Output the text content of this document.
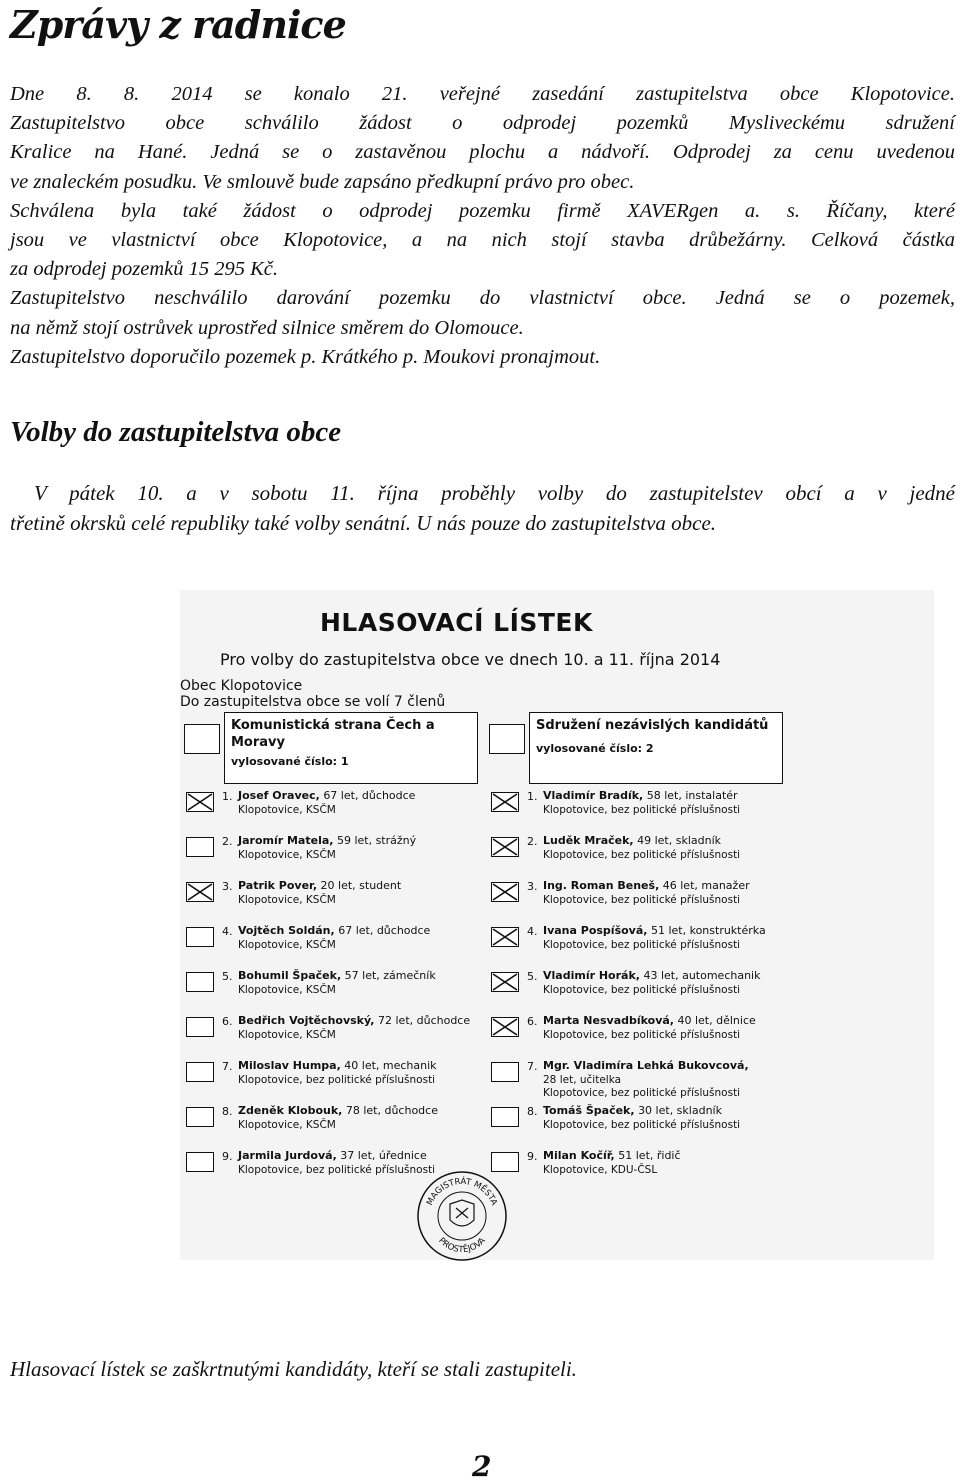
Zprávy z radnice

Dne 8. 8. 2014 se konalo 21. veřejné zasedání zastupitelstva obce Klopotovice.

Zastupitelstvo obce schválilo žádost o odprodej pozemků Mysliveckému sdružení

Kralice na Hané. Jedná se o zastavěnou plochu a nádvoří. Odprodej za cenu uvedenou

ve znaleckém posudku. Ve smlouvě bude zapsáno předkupní právo pro obec.

Schválena byla také žádost o odprodej pozemku firmě XAVERgen a. s. Říčany, které

jsou ve vlastnictví obce Klopotovice, a na nich stojí stavba drůbežárny. Celková částka

za odprodej pozemků 15 295 Kč.

Zastupitelstvo neschválilo darování pozemku do vlastnictví obce. Jedná se o pozemek,

na němž stojí ostrůvek uprostřed silnice směrem do Olomouce.

Zastupitelstvo doporučilo pozemek p. Krátkého p. Moukovi pronajmout.

Volby do zastupitelstva obce

V pátek 10. a v sobotu 11. října proběhly volby do zastupitelstev obcí a v jedné

třetině okrsků celé republiky také volby senátní. U nás pouze do zastupitelstva obce.

HLASOVACÍ LÍSTEK
Pro volby do zastupitelstva obce ve dnech 10. a 11. října 2014
Obec Klopotovice
Do zastupitelstva obce se volí 7 členů
Komunistická strana Čech a
Moravy
vylosované číslo: 1
1. Josef Oravec, 67 let, důchodce
Klopotovice, KSČM
2. Jaromír Matela, 59 let, strážný
Klopotovice, KSČM
3. Patrik Pover, 20 let, student
Klopotovice, KSČM
4. Vojtěch Soldán, 67 let, důchodce
Klopotovice, KSČM
5. Bohumil Špaček, 57 let, zámečník
Klopotovice, KSČM
6. Bedřich Vojtěchovský, 72 let, důchodce
Klopotovice, KSČM
7. Miloslav Humpa, 40 let, mechanik
Klopotovice, bez politické příslušnosti
8. Zdeněk Klobouk, 78 let, důchodce
Klopotovice, KSČM
9. Jarmila Jurdová, 37 let, úřednice
Klopotovice, bez politické příslušnosti
Sdružení nezávislých kandidátů
vylosované číslo: 2
1. Vladimír Bradík, 58 let, instalatér
Klopotovice, bez politické příslušnosti
2. Luděk Mraček, 49 let, skladník
Klopotovice, bez politické příslušnosti
3. Ing. Roman Beneš, 46 let, manažer
Klopotovice, bez politické příslušnosti
4. Ivana Pospíšová, 51 let, konstruktérka
Klopotovice, bez politické příslušnosti
5. Vladimír Horák, 43 let, automechanik
Klopotovice, bez politické příslušnosti
6. Marta Nesvadbíková, 40 let, dělnice
Klopotovice, bez politické příslušnosti
7. Mgr. Vladimíra Lehká Bukovcová,
28 let, učitelka
Klopotovice, bez politické příslušnosti
8. Tomáš Špaček, 30 let, skladník
Klopotovice, bez politické příslušnosti
9. Milan Kočíř, 51 let, řidič
Klopotovice, KDU-ČSL
MAGISTRÁT MĚSTA
PROSTĚJOVA

Hlasovací lístek se zaškrtnutými kandidáty, kteří se stali zastupiteli.

2
